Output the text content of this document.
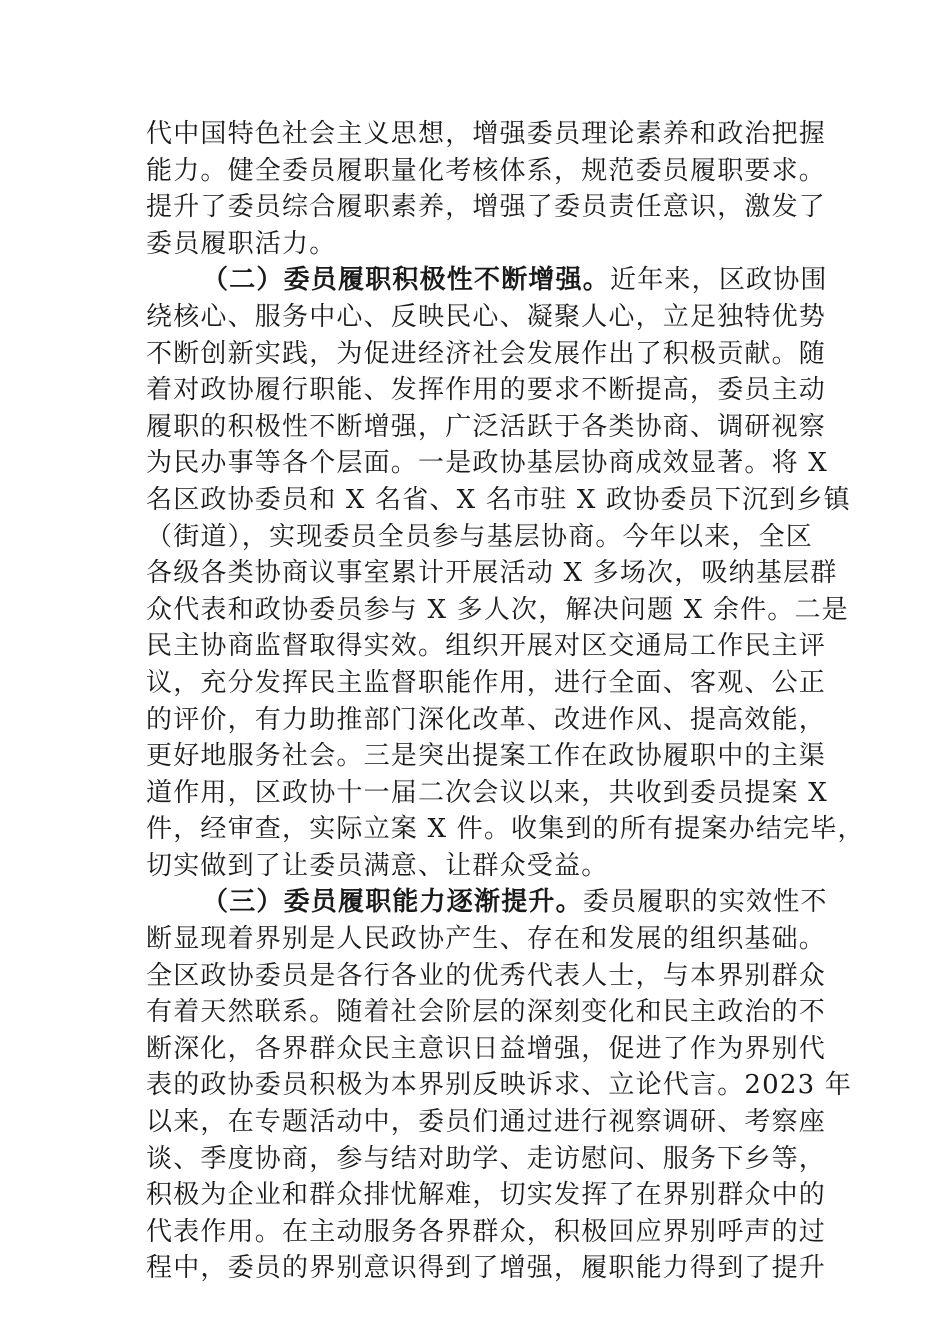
代中国特色社会主义思想，增强委员理论素养和政治把握
能力。健全委员履职量化考核体系，规范委员履职要求。
提升了委员综合履职素养，增强了委员责任意识，激发了
委员履职活力。
（二）委员履职积极性不断增强。近年来，区政协围
绕核心、服务中心、反映民心、凝聚人心，立足独特优势
不断创新实践，为促进经济社会发展作出了积极贡献。随
着对政协履行职能、发挥作用的要求不断提高，委员主动
履职的积极性不断增强，广泛活跃于各类协商、调研视察
为民办事等各个层面。一是政协基层协商成效显著。将 X
名区政协委员和 X 名省、X 名市驻 X 政协委员下沉到乡镇
（街道），实现委员全员参与基层协商。今年以来，全区
各级各类协商议事室累计开展活动 X 多场次，吸纳基层群
众代表和政协委员参与 X 多人次，解决问题 X 余件。二是
民主协商监督取得实效。组织开展对区交通局工作民主评
议，充分发挥民主监督职能作用，进行全面、客观、公正
的评价，有力助推部门深化改革、改进作风、提高效能，
更好地服务社会。三是突出提案工作在政协履职中的主渠
道作用，区政协十一届二次会议以来，共收到委员提案 X
件，经审查，实际立案 X 件。收集到的所有提案办结完毕，
切实做到了让委员满意、让群众受益。
（三）委员履职能力逐渐提升。委员履职的实效性不
断显现着界别是人民政协产生、存在和发展的组织基础。
全区政协委员是各行各业的优秀代表人士，与本界别群众
有着天然联系。随着社会阶层的深刻变化和民主政治的不
断深化，各界群众民主意识日益增强，促进了作为界别代
表的政协委员积极为本界别反映诉求、立论代言。2023 年
以来，在专题活动中，委员们通过进行视察调研、考察座
谈、季度协商，参与结对助学、走访慰问、服务下乡等，
积极为企业和群众排忧解难，切实发挥了在界别群众中的
代表作用。在主动服务各界群众，积极回应界别呼声的过
程中，委员的界别意识得到了增强，履职能力得到了提升
